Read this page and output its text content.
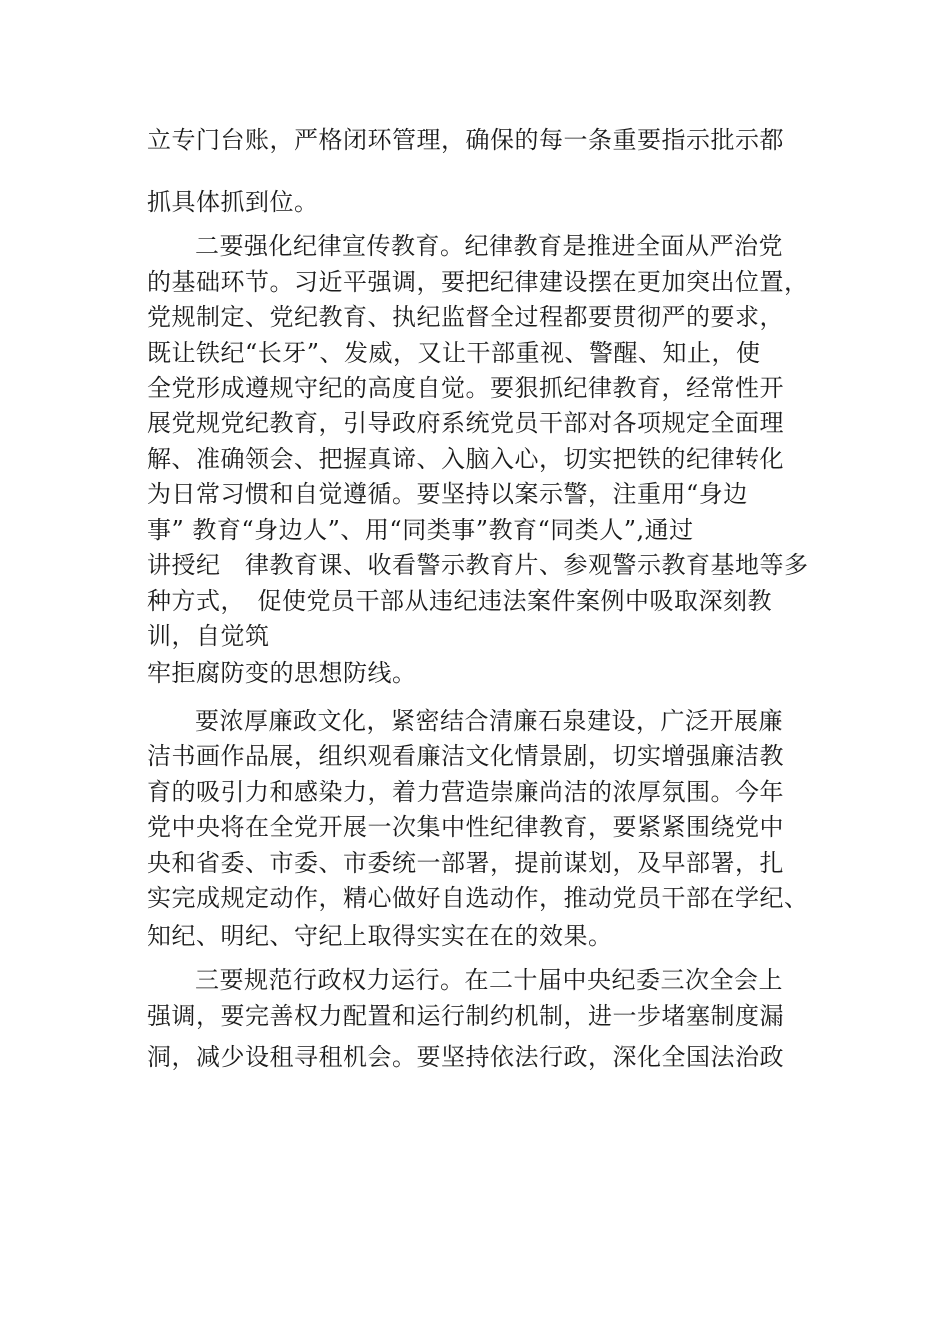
立专门台账，严格闭环管理，确保的每一条重要指示批示都

抓具体抓到位。

二要强化纪律宣传教育。纪律教育是推进全面从严治党

的基础环节。习近平强调，要把纪律建设摆在更加突出位置，

党规制定、党纪教育、执纪监督全过程都要贯彻严的要求，

既让铁纪“长牙”、发威，又让干部重视、警醒、知止，使

全党形成遵规守纪的高度自觉。要狠抓纪律教育，经常性开

展党规党纪教育，引导政府系统党员干部对各项规定全面理

解、准确领会、把握真谛、入脑入心，切实把铁的纪律转化

为日常习惯和自觉遵循。要坚持以案示警，注重用“身边

事” 教育“身边人”、用“同类事”教育“同类人”,通过

讲授纪　律教育课、收看警示教育片、参观警示教育基地等多

种方式，　促使党员干部从违纪违法案件案例中吸取深刻教

训，自觉筑

牢拒腐防变的思想防线。

要浓厚廉政文化，紧密结合清廉石泉建设，广泛开展廉

洁书画作品展，组织观看廉洁文化情景剧，切实增强廉洁教

育的吸引力和感染力，着力营造崇廉尚洁的浓厚氛围。今年

党中央将在全党开展一次集中性纪律教育，要紧紧围绕党中

央和省委、市委、市委统一部署，提前谋划，及早部署，扎

实完成规定动作，精心做好自选动作，推动党员干部在学纪、

知纪、明纪、守纪上取得实实在在的效果。

三要规范行政权力运行。在二十届中央纪委三次全会上

强调，要完善权力配置和运行制约机制，进一步堵塞制度漏

洞，减少设租寻租机会。要坚持依法行政，深化全国法治政
